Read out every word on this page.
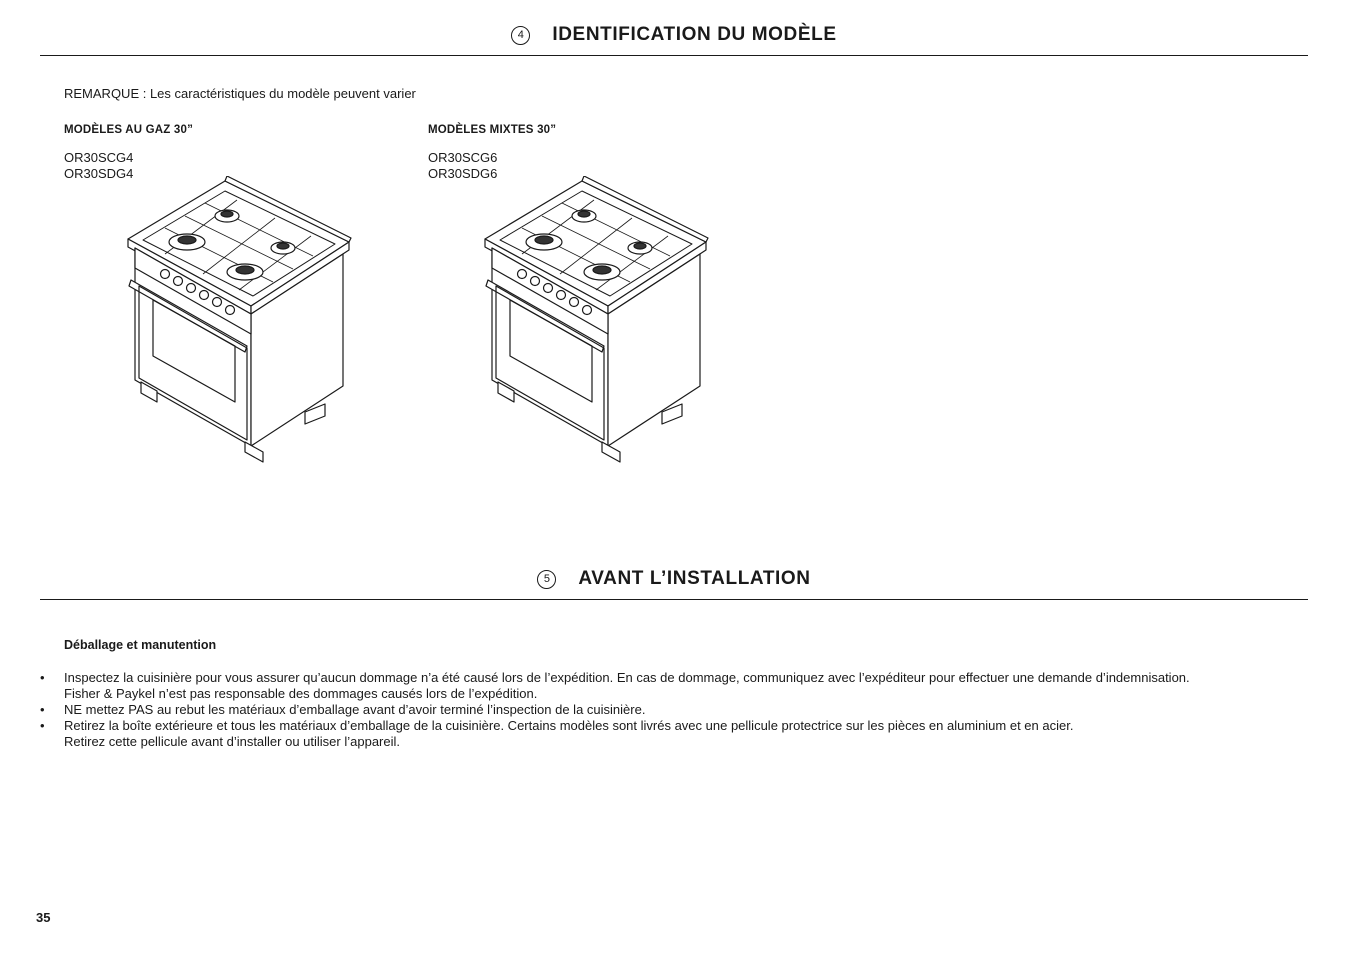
4	IDENTIFICATION DU MODÈLE
REMARQUE : Les caractéristiques du modèle peuvent varier
MODÈLES AU GAZ 30”
OR30SCG4
OR30SDG4
MODÈLES MIXTES 30”
OR30SCG6
OR30SDG6
5	AVANT L’INSTALLATION
Déballage et manutention
• Inspectez la cuisinière pour vous assurer qu’aucun dommage n’a été causé lors de l’expédition. En cas de dommage, communiquez avec l’expéditeur pour effectuer une demande d’indemnisation.
Fisher & Paykel n’est pas responsable des dommages causés lors de l’expédition.
• NE mettez PAS au rebut les matériaux d’emballage avant d’avoir terminé l’inspection de la cuisinière.
• Retirez la boîte extérieure et tous les matériaux d’emballage de la cuisinière. Certains modèles sont livrés avec une pellicule protectrice sur les pièces en aluminium et en acier.
Retirez cette pellicule avant d’installer ou utiliser l’appareil.
35
